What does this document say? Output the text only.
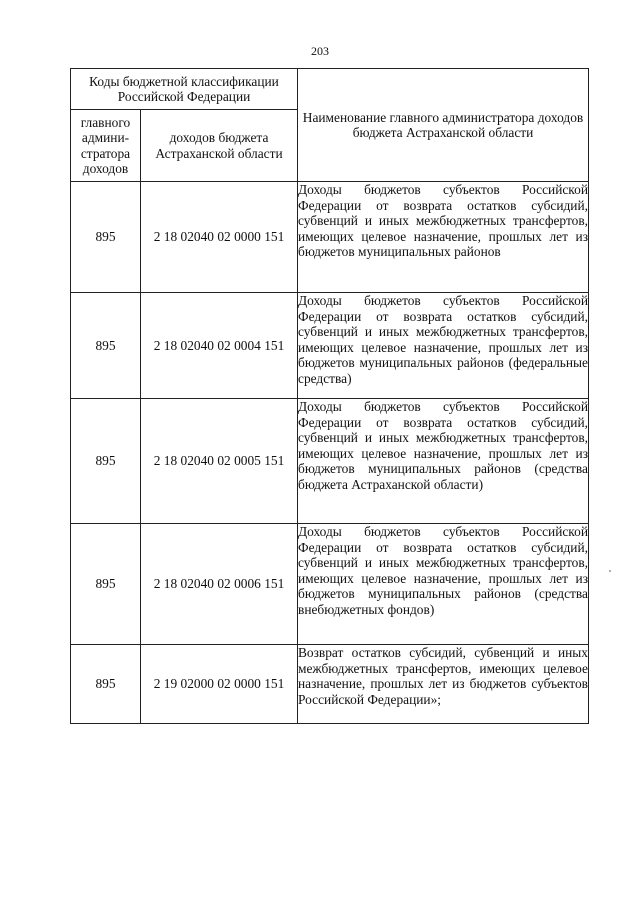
203
Коды бюджетной классификации Российской Федерации		Наименование главного администратора доходов бюджета Астраханской области
главного
админи-
стратора
доходов	доходов бюджета
Астраханской области	
895	2 18 02040 02 0000 151	Доходы бюджетов субъектов Российской Федерации от возврата остатков субсидий, субвенций и иных межбюджетных трансфертов, имеющих целевое назначение, прошлых лет из бюджетов муниципальных районов
895	2 18 02040 02 0004 151	Доходы бюджетов субъектов Российской Федерации от возврата остатков субсидий, субвенций и иных межбюджетных трансфертов, имеющих целевое назначение, прошлых лет из бюджетов муниципальных районов (федеральные средства)
895	2 18 02040 02 0005 151	Доходы бюджетов субъектов Российской Федерации от возврата остатков субсидий, субвенций и иных межбюджетных трансфертов, имеющих целевое назначение, прошлых лет из бюджетов муниципальных районов (средства бюджета Астраханской области)
895	2 18 02040 02 0006 151	Доходы бюджетов субъектов Российской Федерации от возврата остатков субсидий, субвенций и иных межбюджетных трансфертов, имеющих целевое назначение, прошлых лет из бюджетов муниципальных районов (средства внебюджетных фондов)
895	2 19 02000 02 0000 151	Возврат остатков субсидий, субвенций и иных межбюджетных трансфертов, имеющих целевое назначение, прошлых лет из бюджетов субъектов Российской Федерации»;
